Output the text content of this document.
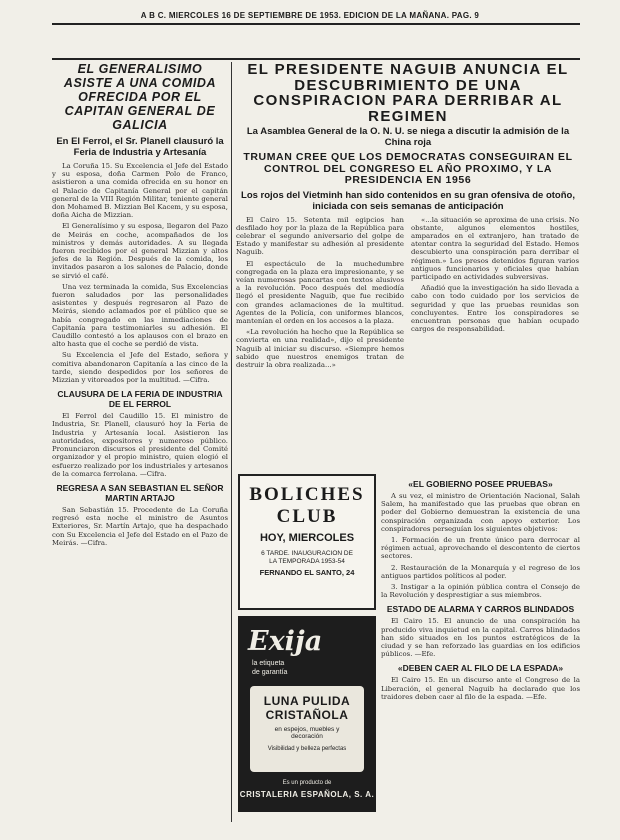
A B C. MIERCOLES 16 DE SEPTIEMBRE DE 1953. EDICION DE LA MAÑANA. PAG. 9
EL GENERALISIMO ASISTE A UNA COMIDA OFRECIDA POR EL CAPITAN GENERAL DE GALICIA
En El Ferrol, el Sr. Planell clausuró la Feria de Industria y Artesanía

La Coruña 15. Su Excelencia el Jefe del Estado y su esposa, doña Carmen Polo de Franco, asistieron a una comida ofrecida en su honor en el Palacio de Capitanía General por el capitán general de la VIII Región Militar, teniente general don Mohamed B. Mizzian Bel Kacem, y su esposa, doña Aicha de Mizzian.

El Generalísimo y su esposa, llegaron del Pazo de Meirás en coche, acompañados de los ministros y demás autoridades. A su llegada fueron recibidos por el general Mizzian y altos jefes de la Región. Después de la comida, los invitados pasaron a los salones de Palacio, donde se sirvió el café.

Una vez terminada la comida, Sus Excelencias fueron saludados por las personalidades asistentes y después regresaron al Pazo de Meirás, siendo aclamados por el público que se había congregado en las inmediaciones de Capitanía para testimoniarles su adhesión. El Caudillo contestó a los aplausos con el brazo en alto hasta que el coche se perdió de vista.

Su Excelencia el Jefe del Estado, señora y comitiva abandonaron Capitanía a las cinco de la tarde, siendo despedidos por los señores de Mizzian y vitoreados por la multitud. —Cifra.

CLAUSURA DE LA FERIA DE INDUSTRIA DE EL FERROL

El Ferrol del Caudillo 15. El ministro de Industria, Sr. Planell, clausuró hoy la Feria de Industria y Artesanía local. Asistieron las autoridades, expositores y numeroso público. Pronunciaron discursos el presidente del Comité organizador y el propio ministro, quien elogió el esfuerzo realizado por los industriales y artesanos de la comarca ferrolana. —Cifra.

REGRESA A SAN SEBASTIAN EL SEÑOR MARTIN ARTAJO

San Sebastián 15. Procedente de La Coruña regresó esta noche el ministro de Asuntos Exteriores, Sr. Martín Artajo, que ha despachado con Su Excelencia el Jefe del Estado en el Pazo de Meirás. —Cifra.

EL PRESIDENTE NAGUIB ANUNCIA EL DESCUBRIMIENTO DE UNA CONSPIRACION PARA DERRIBAR AL REGIMEN
La Asamblea General de la O. N. U. se niega a discutir la admisión de la China roja
TRUMAN CREE QUE LOS DEMOCRATAS CONSEGUIRAN EL CONTROL DEL CONGRESO EL AÑO PROXIMO, Y LA PRESIDENCIA EN 1956
Los rojos del Vietminh han sido contenidos en su gran ofensiva de otoño, iniciada con seis semanas de anticipación

El Cairo 15. Setenta mil egipcios han desfilado hoy por la plaza de la República para celebrar el segundo aniversario del golpe de Estado y manifestar su adhesión al presidente Naguib.

El espectáculo de la muchedumbre congregada en la plaza era impresionante, y se veían numerosas pancartas con textos alusivos a la revolución. Poco después del mediodía llegó el presidente Naguib, que fue recibido con grandes aclamaciones de la multitud. Agentes de la Policía, con uniformes blancos, mantenían el orden en los accesos a la plaza.

«La revolución ha hecho que la República se convierta en una realidad», dijo el presidente Naguib al iniciar su discurso. «Siempre hemos sabido que nuestros enemigos tratan de destruir la obra realizada...»

«...la situación se aproxima de una crisis. No obstante, algunos elementos hostiles, amparados en el extranjero, han tratado de atentar contra la seguridad del Estado. Hemos descubierto una conspiración para derribar el régimen.» Los presos detenidos figuran varios antiguos funcionarios y oficiales que habían participado en actividades subversivas.

Añadió que la investigación ha sido llevada a cabo con todo cuidado por los servicios de seguridad y que las pruebas reunidas son concluyentes. Entre los conspiradores se encuentran personas que habían ocupado cargos de responsabilidad.

BOLICHES
CLUB
HOY, MIERCOLES
6 TARDE. INAUGURACION DE
LA TEMPORADA 1953-54
FERNANDO EL SANTO, 24
Exija
la etiqueta
de garantía
LUNA PULIDA
CRISTAÑOLA
en espejos, muebles y
decoración
Visibilidad y belleza perfectas
Es un producto de
CRISTALERIA ESPAÑOLA, S. A.
«EL GOBIERNO POSEE PRUEBAS»

A su vez, el ministro de Orientación Nacional, Salah Salem, ha manifestado que las pruebas que obran en poder del Gobierno demuestran la existencia de una conspiración organizada con apoyo exterior. Los conspiradores perseguían los siguientes objetivos:

1. Formación de un frente único para derrocar al régimen actual, aprovechando el descontento de ciertos sectores.

2. Restauración de la Monarquía y el regreso de los antiguos partidos políticos al poder.

3. Instigar a la opinión pública contra el Consejo de la Revolución y desprestigiar a sus miembros.

ESTADO DE ALARMA Y CARROS BLINDADOS

El Cairo 15. El anuncio de una conspiración ha producido viva inquietud en la capital. Carros blindados han sido situados en los puntos estratégicos de la ciudad y se han reforzado las guardias en los edificios públicos. —Efe.

«DEBEN CAER AL FILO DE LA ESPADA»

El Cairo 15. En un discurso ante el Congreso de la Liberación, el general Naguib ha declarado que los traidores deben caer al filo de la espada. —Efe.
